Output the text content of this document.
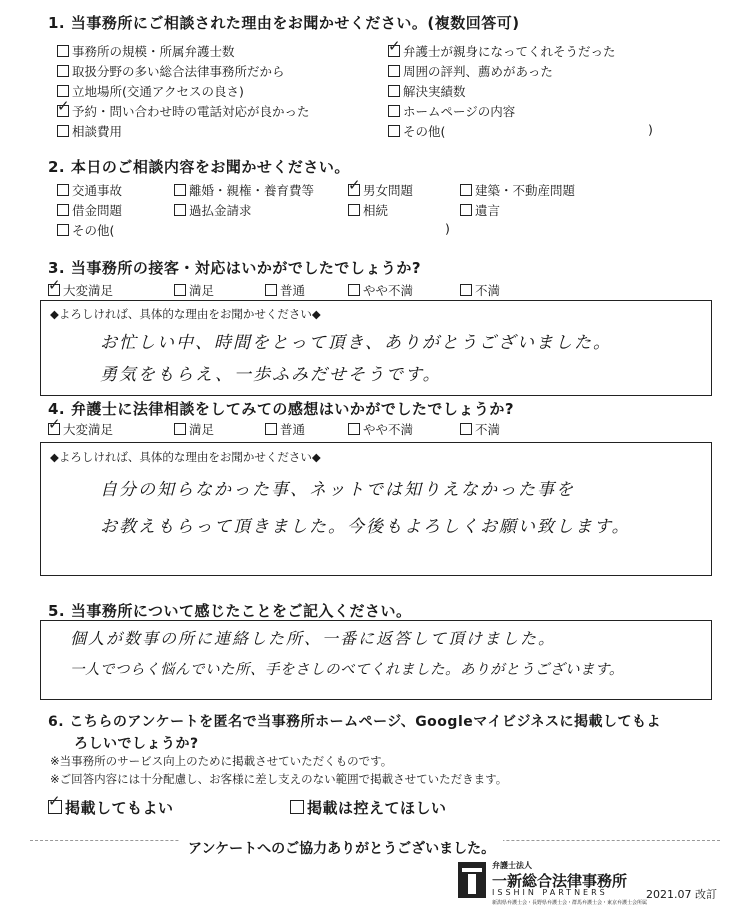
1. 当事務所にご相談された理由をお聞かせください。(複数回答可)
事務所の規模・所属弁護士数
取扱分野の多い総合法律事務所だから
立地場所(交通アクセスの良さ)
✓予約・問い合わせ時の電話対応が良かった
相談費用
✓弁護士が親身になってくれそうだった
周囲の評判、薦めがあった
解決実績数
ホームページの内容
その他(	)
2. 本日のご相談内容をお聞かせください。
交通事故	離婚・親権・養育費等
✓	男女問題	建築・不動産問題
借金問題	過払金請求	相続	遺言
その他(	)
3. 当事務所の接客・対応はいかがでしたでしょうか?
✓大変満足	満足	普通	やや不満	不満
◆よろしければ、具体的な理由をお聞かせください◆
お忙しい中、時間をとって頂き、ありがとうございました。
勇気をもらえ、一歩ふみだせそうです。
4. 弁護士に法律相談をしてみての感想はいかがでしたでしょうか?
✓大変満足	満足	普通	やや不満	不満
◆よろしければ、具体的な理由をお聞かせください◆
自分の知らなかった事、ネットでは知りえなかった事を
お教えもらって頂きました。今後もよろしくお願い致します。
5. 当事務所について感じたことをご記入ください。
個人が数事の所に連絡した所、一番に返答して頂けました。
一人でつらく悩んでいた所、手をさしのべてくれました。ありがとうございます。
6. こちらのアンケートを匿名で当事務所ホームページ、Googleマイビジネスに掲載してもよ
ろしいでしょうか?
※当事務所のサービス向上のために掲載させていただくものです。
※ご回答内容には十分配慮し、お客様に差し支えのない範囲で掲載させていただきます。
✓掲載してもよい	掲載は控えてほしい
アンケートへのご協力ありがとうございました。
弁護士法人
一新総合法律事務所
ISSHIN PARTNERS
新潟県弁護士会・長野県弁護士会・群馬弁護士会・東京弁護士会所属
2021.07 改訂
